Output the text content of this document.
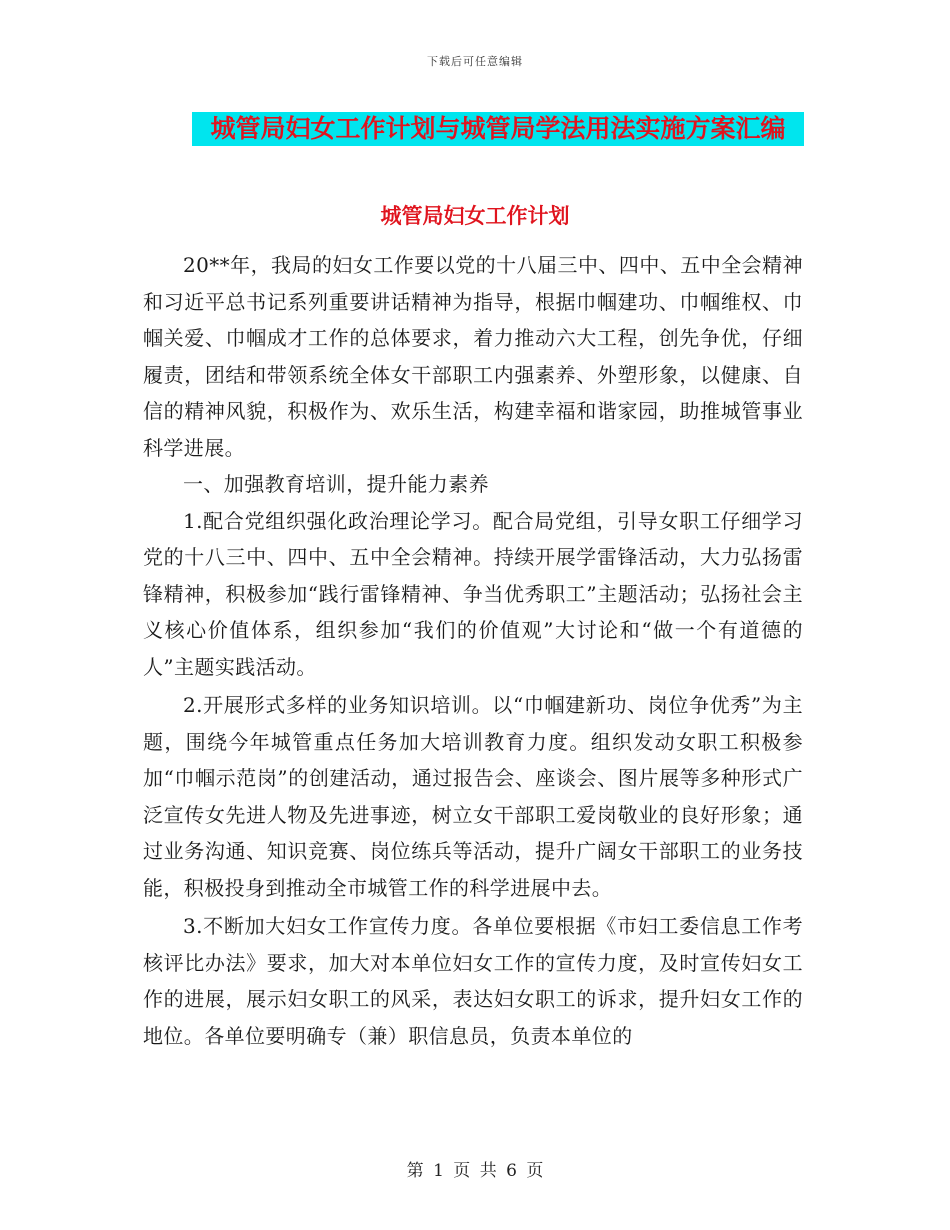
下载后可任意编辑
城管局妇女工作计划与城管局学法用法实施方案汇编
城管局妇女工作计划

20**年，我局的妇女工作要以党的十八届三中、四中、五中全会精神和习近平总书记系列重要讲话精神为指导，根据巾帼建功、巾帼维权、巾帼关爱、巾帼成才工作的总体要求，着力推动六大工程，创先争优，仔细履责，团结和带领系统全体女干部职工内强素养、外塑形象，以健康、自信的精神风貌，积极作为、欢乐生活，构建幸福和谐家园，助推城管事业科学进展。

一、加强教育培训，提升能力素养

1.配合党组织强化政治理论学习。配合局党组，引导女职工仔细学习党的十八三中、四中、五中全会精神。持续开展学雷锋活动，大力弘扬雷锋精神，积极参加“践行雷锋精神、争当优秀职工”主题活动；弘扬社会主义核心价值体系，组织参加“我们的价值观”大讨论和“做一个有道德的人”主题实践活动。

2.开展形式多样的业务知识培训。以“巾帼建新功、岗位争优秀”为主题，围绕今年城管重点任务加大培训教育力度。组织发动女职工积极参加“巾帼示范岗”的创建活动，通过报告会、座谈会、图片展等多种形式广泛宣传女先进人物及先进事迹，树立女干部职工爱岗敬业的良好形象；通过业务沟通、知识竞赛、岗位练兵等活动，提升广阔女干部职工的业务技能，积极投身到推动全市城管工作的科学进展中去。

3.不断加大妇女工作宣传力度。各单位要根据《市妇工委信息工作考核评比办法》要求，加大对本单位妇女工作的宣传力度，及时宣传妇女工作的进展，展示妇女职工的风采，表达妇女职工的诉求，提升妇女工作的地位。各单位要明确专（兼）职信息员，负责本单位的

第 1 页 共 6 页
